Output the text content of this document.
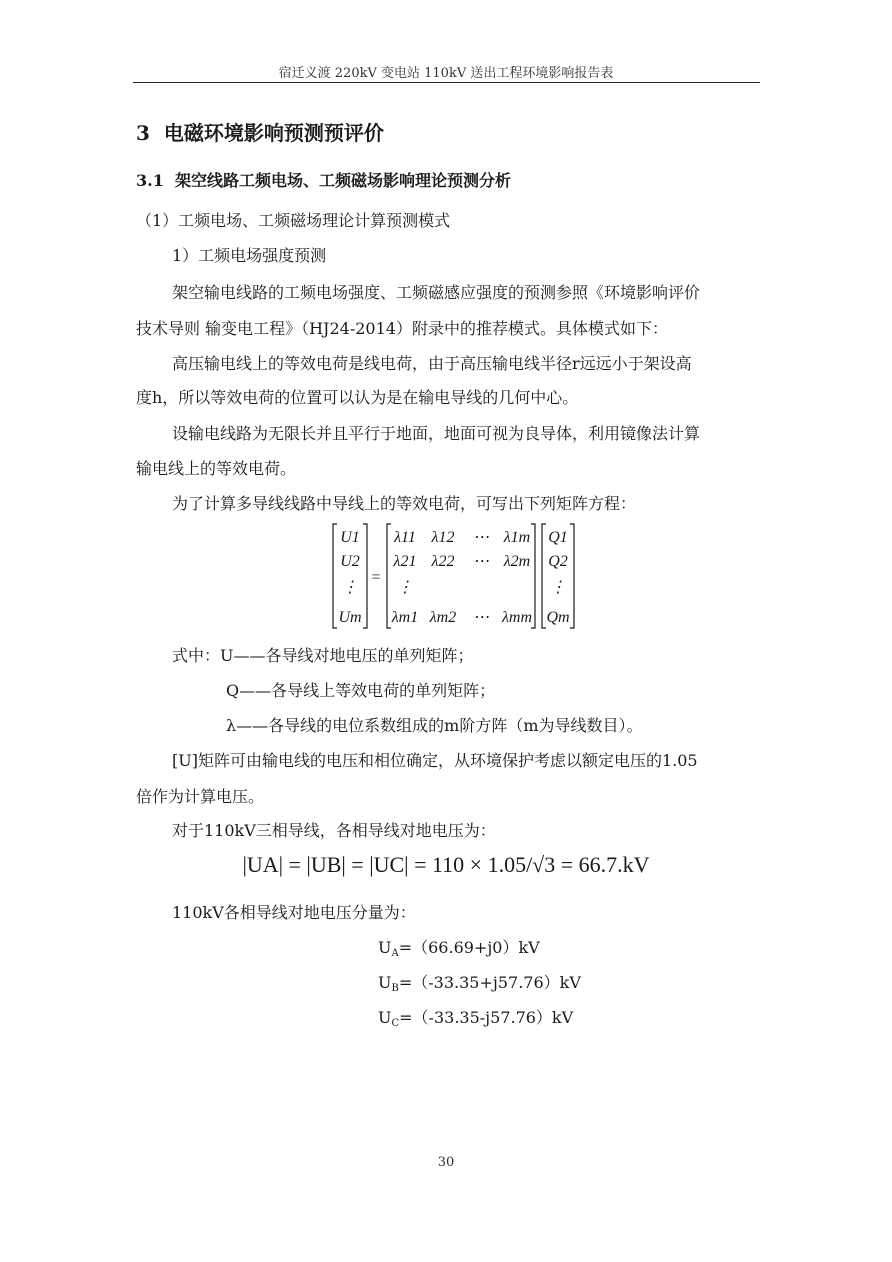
宿迁义渡 220kV 变电站 110kV 送出工程环境影响报告表
3 电磁环境影响预测预评价
3.1 架空线路工频电场、工频磁场影响理论预测分析
（1）工频电场、工频磁场理论计算预测模式
1）工频电场强度预测
架空输电线路的工频电场强度、工频磁感应强度的预测参照《环境影响评价
技术导则 输变电工程》（HJ24-2014）附录中的推荐模式。具体模式如下：
高压输电线上的等效电荷是线电荷，由于高压输电线半径r远远小于架设高
度h，所以等效电荷的位置可以认为是在输电导线的几何中心。
设输电线路为无限长并且平行于地面，地面可视为良导体，利用镜像法计算
输电线上的等效电荷。
为了计算多导线线路中导线上的等效电荷，可写出下列矩阵方程：
=
U1
U2
⋮
Um
λ11 λ12 ⋯ λ1m
λ21 λ22 ⋯ λ2m
⋮
λm1 λm2 ⋯ λmm
Q1
Q2
⋮
Qm
式中：U——各导线对地电压的单列矩阵；
Q——各导线上等效电荷的单列矩阵；
λ——各导线的电位系数组成的m阶方阵（m为导线数目）。
[U]矩阵可由输电线的电压和相位确定，从环境保护考虑以额定电压的1.05
倍作为计算电压。
对于110kV三相导线，各相导线对地电压为：
|UA| = |UB| = |UC| = 110 × 1.05/√3 = 66.7.kV
110kV各相导线对地电压分量为：
$U_A=(66.69+j0)kV$
$U_B=(-33.35+j57.76)kV$
$U_C=(-33.35-j57.76)kV$
30
